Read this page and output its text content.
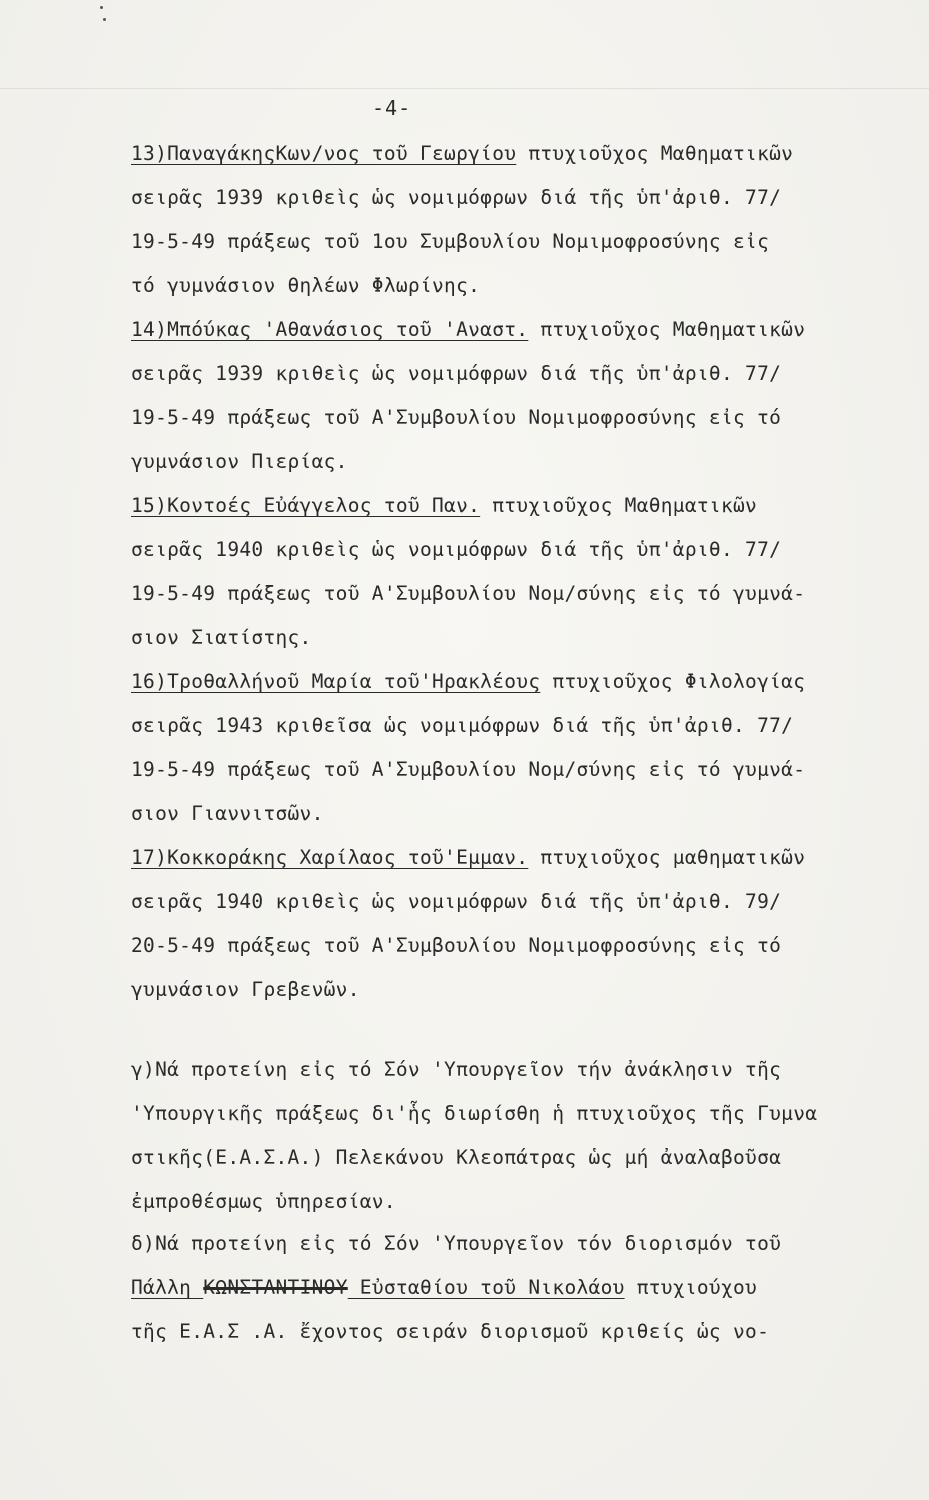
-4-
13)ΠαναγάκηςΚων/νος τοῦ Γεωργίου πτυχιοῦχος Μαθηματικῶν
σειρᾶς 1939 κριθεὶς ὡς νομιμόφρων διά τῆς ὑπ'ἀριθ. 77/
19-5-49 πράξεως τοῦ 1ου Συμβουλίου Νομιμοφροσύνης εἰς
τό γυμνάσιον θηλέων Φλωρίνης.
14)Μπόύκας 'Αθανάσιος τοῦ 'Αναστ. πτυχιοῦχος Μαθηματικῶν
σειρᾶς 1939 κριθεὶς ὡς νομιμόφρων διά τῆς ὑπ'ἀριθ. 77/
19-5-49 πράξεως τοῦ Α'Συμβουλίου Νομιμοφροσύνης εἰς τό
γυμνάσιον Πιερίας.
15)Κοντοές Εὐάγγελος τοῦ Παν. πτυχιοῦχος Μαθηματικῶν
σειρᾶς 1940 κριθεὶς ὡς νομιμόφρων διά τῆς ὑπ'ἀριθ. 77/
19-5-49 πράξεως τοῦ Α'Συμβουλίου Νομ/σύνης εἰς τό γυμνά-
σιον Σιατίστης.
16)Τροθαλλήνοῦ Μαρία τοῦ'Ηρακλέους πτυχιοῦχος Φιλολογίας
σειρᾶς 1943 κριθεῖσα ὡς νομιμόφρων διά τῆς ὑπ'ἀριθ. 77/
19-5-49 πράξεως τοῦ Α'Συμβουλίου Νομ/σύνης εἰς τό γυμνά-
σιον Γιαννιτσῶν.
17)Κοκκοράκης Χαρίλαος τοῦ'Εμμαν. πτυχιοῦχος μαθηματικῶν
σειρᾶς 1940 κριθεὶς ὡς νομιμόφρων διά τῆς ὑπ'ἀριθ. 79/
20-5-49 πράξεως τοῦ Α'Συμβουλίου Νομιμοφροσύνης εἰς τό
γυμνάσιον Γρεβενῶν.
γ)Νά προτείνη εἰς τό Σόν 'Υπουργεῖον τήν ἀνάκλησιν τῆς
'Υπουργικῆς πράξεως δι'ἧς διωρίσθη ἡ πτυχιοῦχος τῆς Γυμνα
στικῆς(Ε.Α.Σ.Α.) Πελεκάνου Κλεοπάτρας ὡς μή ἀναλαβοῦσα
ἐμπροθέσμως ὑπηρεσίαν.
δ)Νά προτείνη εἰς τό Σόν 'Υπουργεῖον τόν διορισμόν τοῦ
Πάλλη ΚΩΝΣΤΑΝΤΙΝΟΥ Εὐσταθίου τοῦ Νικολάου πτυχιούχου
τῆς Ε.Α.Σ .Α. ἔχοντος σειράν διορισμοῦ κριθείς ὡς νο-
